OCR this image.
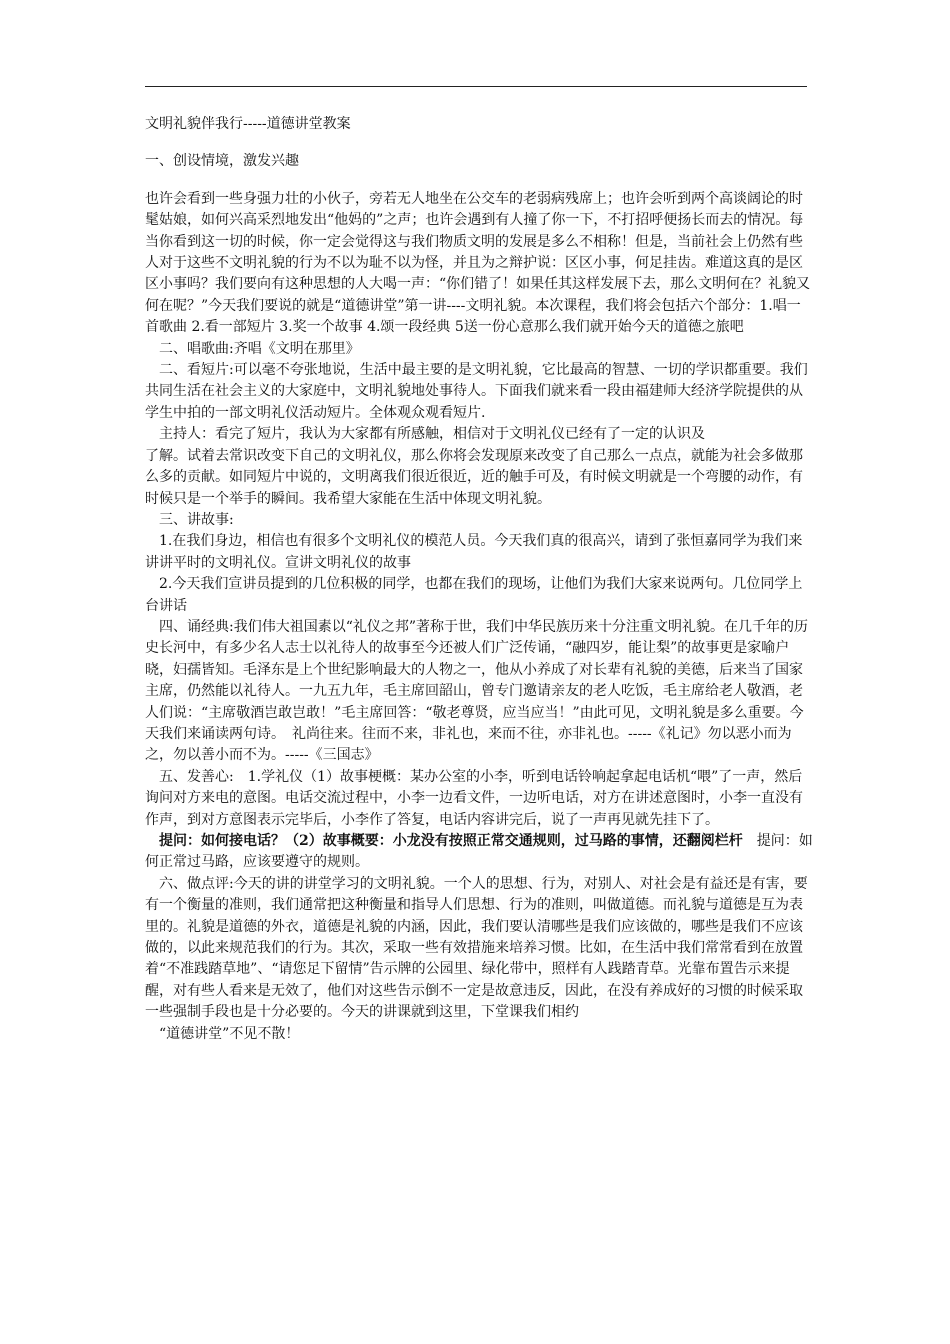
文明礼貌伴我行-----道德讲堂教案

一、创设情境，激发兴趣

也许会看到一些身强力壮的小伙子，旁若无人地坐在公交车的老弱病残席上；也许会听到两个高谈阔论的时髦姑娘，如何兴高采烈地发出“他妈的”之声；也许会遇到有人撞了你一下，不打招呼便扬长而去的情况。每当你看到这一切的时候，你一定会觉得这与我们物质文明的发展是多么不相称！但是，当前社会上仍然有些人对于这些不文明礼貌的行为不以为耻不以为怪，并且为之辩护说：区区小事，何足挂齿。难道这真的是区区小事吗？我们要向有这种思想的人大喝一声：“你们错了！如果任其这样发展下去，那么文明何在？礼貌又何在呢？”今天我们要说的就是“道德讲堂”第一讲----文明礼貌。本次课程，我们将会包括六个部分：1.唱一首歌曲 2.看一部短片 3.奖一个故事 4.颂一段经典 5送一份心意那么我们就开始今天的道德之旅吧

　二、唱歌曲:齐唱《文明在那里》

　二、看短片:可以毫不夸张地说，生活中最主要的是文明礼貌，它比最高的智慧、一切的学识都重要。我们共同生活在社会主义的大家庭中，文明礼貌地处事待人。下面我们就来看一段由福建师大经济学院提供的从学生中拍的一部文明礼仪活动短片。全体观众观看短片.

　主持人：看完了短片，我认为大家都有所感触，相信对于文明礼仪已经有了一定的认识及

了解。试着去常识改变下自己的文明礼仪，那么你将会发现原来改变了自己那么一点点，就能为社会多做那么多的贡献。如同短片中说的，文明离我们很近很近，近的触手可及，有时候文明就是一个弯腰的动作，有时候只是一个举手的瞬间。我希望大家能在生活中体现文明礼貌。

　三、讲故事:

　1.在我们身边，相信也有很多个文明礼仪的模范人员。今天我们真的很高兴，请到了张恒嘉同学为我们来讲讲平时的文明礼仪。宣讲文明礼仪的故事

　2.今天我们宣讲员提到的几位积极的同学，也都在我们的现场，让他们为我们大家来说两句。几位同学上台讲话

　四、诵经典:我们伟大祖国素以“礼仪之邦”著称于世，我们中华民族历来十分注重文明礼貌。在几千年的历史长河中，有多少名人志士以礼待人的故事至今还被人们广泛传诵，“融四岁，能让梨”的故事更是家喻户晓，妇孺皆知。毛泽东是上个世纪影响最大的人物之一，他从小养成了对长辈有礼貌的美德，后来当了国家主席，仍然能以礼待人。一九五九年，毛主席回韶山，曾专门邀请亲友的老人吃饭，毛主席给老人敬酒，老人们说：“主席敬酒岂敢岂敢！”毛主席回答：“敬老尊贤，应当应当！”由此可见，文明礼貌是多么重要。今天我们来诵读两句诗。　礼尚往来。往而不来，非礼也，来而不往，亦非礼也。-----《礼记》勿以恶小而为之，勿以善小而不为。-----《三国志》

　五、发善心:　1.学礼仪（1）故事梗概：某办公室的小李，听到电话铃响起拿起电话机“喂”了一声，然后询问对方来电的意图。电话交流过程中，小李一边看文件，一边听电话，对方在讲述意图时，小李一直没有作声，到对方意图表示完毕后，小李作了答复，电话内容讲完后，说了一声再见就先挂下了。

　提问：如何接电话？（2）故事概要：小龙没有按照正常交通规则，过马路的事情，还翻阅栏杆　提问：如何正常过马路，应该要遵守的规则。

　六、做点评:今天的讲的讲堂学习的文明礼貌。一个人的思想、行为，对别人、对社会是有益还是有害，要有一个衡量的准则，我们通常把这种衡量和指导人们思想、行为的准则，叫做道德。而礼貌与道德是互为表里的。礼貌是道德的外衣，道德是礼貌的内涵，因此，我们要认清哪些是我们应该做的，哪些是我们不应该做的，以此来规范我们的行为。其次，采取一些有效措施来培养习惯。比如，在生活中我们常常看到在放置着“不准践踏草地”、“请您足下留情”告示牌的公园里、绿化带中，照样有人践踏青草。光靠布置告示来提醒，对有些人看来是无效了，他们对这些告示倒不一定是故意违反，因此，在没有养成好的习惯的时候采取一些强制手段也是十分必要的。今天的讲课就到这里，下堂课我们相约

　“道德讲堂”不见不散！
